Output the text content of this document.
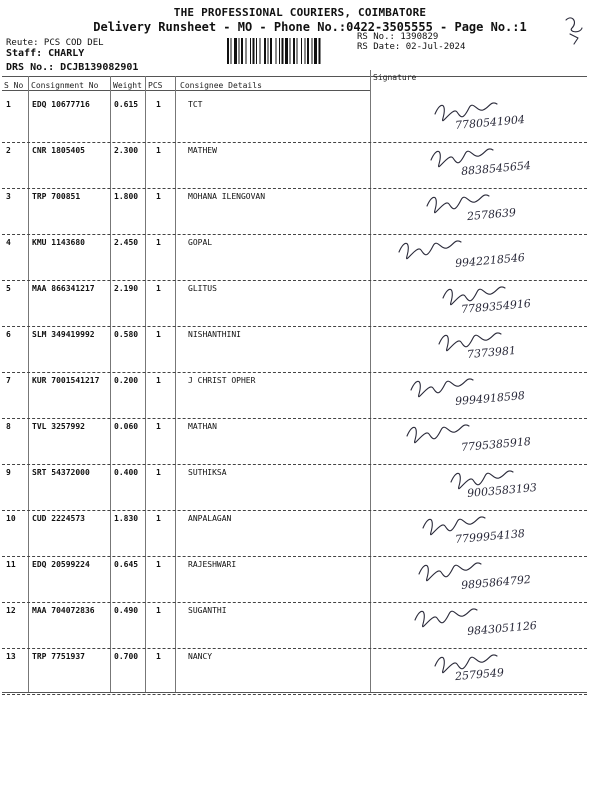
THE PROFESSIONAL COURIERS, COIMBATORE
Delivery Runsheet - MO - Phone No.:0422-3505555 - Page No.:1
Reute: PCS COD DEL
Staff: CHARLY
DRS No.: DCJB139082901
RS No.: 1390829
RS Date: 02-Jul-2024
S No Consignment No Weight PCS Consignee Details
Signature
1	EDQ 10677716	0.615 1	TCT
7780541904
2	CNR 1805405	2.300 1	MATHEW
8838545654
3	TRP 700851	1.800 1	MOHANA ILENGOVAN
2578639
4	KMU 1143680	2.450 1	GOPAL
9942218546
5	MAA 866341217 2.190 1	GLITUS
7789354916
6	SLM 349419992 0.580 1	NISHANTHINI
7373981
7	KUR 7001541217 0.200 1	J CHRIST OPHER
9994918598
8	TVL 3257992	0.060 1	MATHAN
7795385918
9	SRT 54372000	0.400 1	SUTHIKSA
9003583193
10 CUD 2224573	1.830 1	ANPALAGAN
7799954138
11 EDQ 20599224	0.645 1	RAJESHWARI
9895864792
12 MAA 704072836 0.490 1	SUGANTHI
9843051126
13 TRP 7751937	0.700 1	NANCY
2579549
